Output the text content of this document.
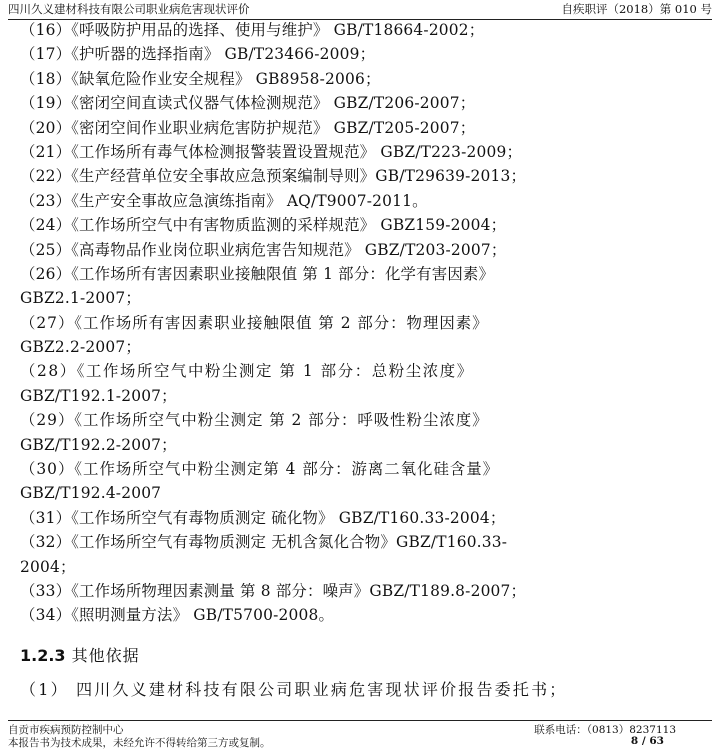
四川久义建材科技有限公司职业病危害现状评价	自疾职评（2018）第 010 号
（16）《呼吸防护用品的选择、使用与维护》 GB/T18664-2002；
（17）《护听器的选择指南》 GB/T23466-2009；
（18）《缺氧危险作业安全规程》 GB8958-2006；
（19）《密闭空间直读式仪器气体检测规范》 GBZ/T206-2007；
（20）《密闭空间作业职业病危害防护规范》 GBZ/T205-2007；
（21）《工作场所有毒气体检测报警装置设置规范》 GBZ/T223-2009；
（22）《生产经营单位安全事故应急预案编制导则》GB/T29639-2013；
（23）《生产安全事故应急演练指南》 AQ/T9007-2011。
（24）《工作场所空气中有害物质监测的采样规范》 GBZ159-2004；
（25）《高毒物品作业岗位职业病危害告知规范》 GBZ/T203-2007；
（26）《工作场所有害因素职业接触限值 第 1 部分：化学有害因素》
GBZ2.1-2007；
（27）《工作场所有害因素职业接触限值 第 2 部分：物理因素》
GBZ2.2-2007；
（28）《工作场所空气中粉尘测定 第 1 部分：总粉尘浓度》
GBZ/T192.1-2007；
（29）《工作场所空气中粉尘测定 第 2 部分：呼吸性粉尘浓度》
GBZ/T192.2-2007；
（30）《工作场所空气中粉尘测定第 4 部分：游离二氧化硅含量》
GBZ/T192.4-2007
（31）《工作场所空气有毒物质测定 硫化物》 GBZ/T160.33-2004；
（32）《工作场所空气有毒物质测定 无机含氮化合物》GBZ/T160.33-
2004；
（33）《工作场所物理因素测量 第 8 部分：噪声》GBZ/T189.8-2007；
（34）《照明测量方法》 GB/T5700-2008。
1.2.3 其他依据
（1） 四川久义建材科技有限公司职业病危害现状评价报告委托书；
自贡市疾病预防控制中心	联系电话：（0813）8237113
本报告书为技术成果，未经允许不得转给第三方或复制。	8 / 63
